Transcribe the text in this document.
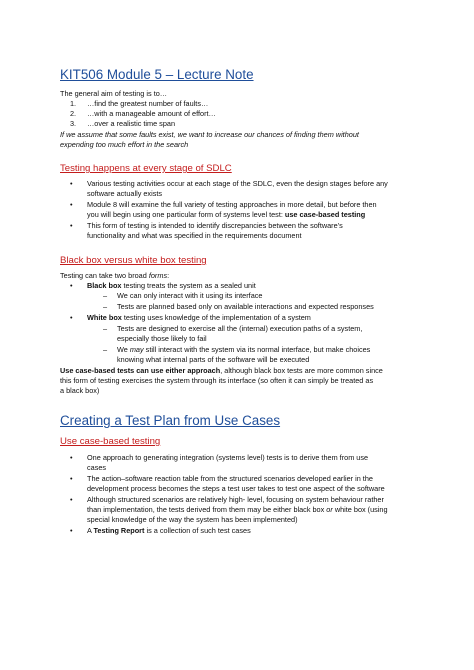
KIT506 Module 5 – Lecture Note
The general aim of testing is to…
1. …find the greatest number of faults…
2. …with a manageable amount of effort…
3. …over a realistic time span
If we assume that some faults exist, we want to increase our chances of finding them without
expending too much effort in the search
Testing happens at every stage of SDLC
• Various testing activities occur at each stage of the SDLC, even the design stages before any
software actually exists
• Module 8 will examine the full variety of testing approaches in more detail, but before then
you will begin using one particular form of systems level test: use case-based testing
• This form of testing is intended to identify discrepancies between the software’s
functionality and what was specified in the requirements document
Black box versus white box testing
Testing can take two broad forms:
• Black box testing treats the system as a sealed unit
– We can only interact with it using its interface
– Tests are planned based only on available interactions and expected responses
• White box testing uses knowledge of the implementation of a system
– Tests are designed to exercise all the (internal) execution paths of a system,
especially those likely to fail
– We may still interact with the system via its normal interface, but make choices
knowing what internal parts of the software will be executed
Use case-based tests can use either approach, although black box tests are more common since
this form of testing exercises the system through its interface (so often it can simply be treated as
a black box)
Creating a Test Plan from Use Cases
Use case-based testing
• One approach to generating integration (systems level) tests is to derive them from use
cases
• The action–software reaction table from the structured scenarios developed earlier in the
development process becomes the steps a test user takes to test one aspect of the software
• Although structured scenarios are relatively high- level, focusing on system behaviour rather
than implementation, the tests derived from them may be either black box or white box (using
special knowledge of the way the system has been implemented)
• A Testing Report is a collection of such test cases
